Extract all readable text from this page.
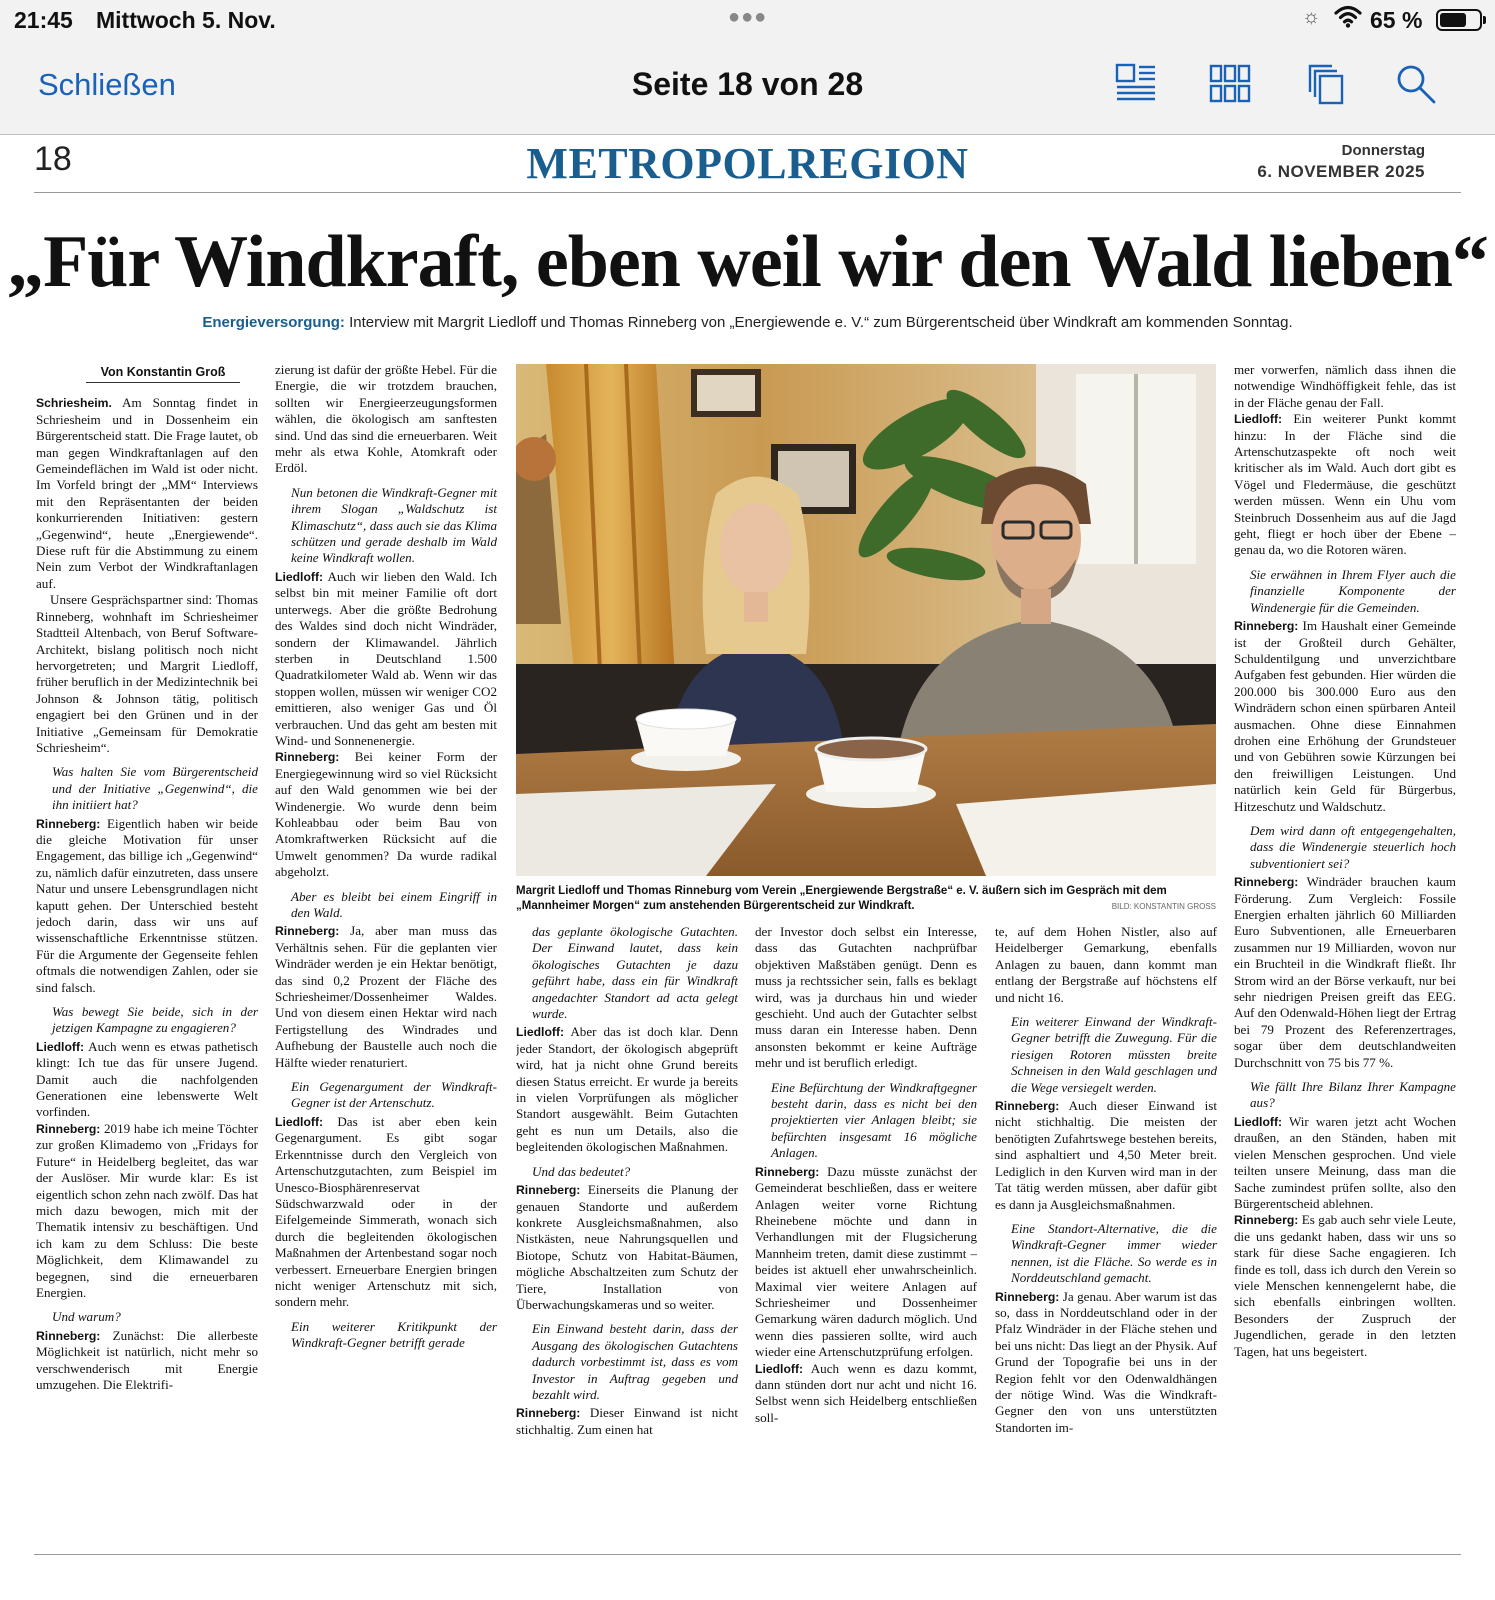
21:45 Mittwoch 5. Nov.	●●●	☼ 65 %
Schließen	Seite 18 von 28
18	METROPOLREGION	Donnerstag
6. NOVEMBER 2025
„Für Windkraft, eben weil wir den Wald lieben“
Energieversorgung: Interview mit Margrit Liedloff und Thomas Rinneberg von „Energiewende e. V.“ zum Bürgerentscheid über Windkraft am kommenden Sonntag.
Von Konstantin Groß

Schriesheim. Am Sonntag findet in Schriesheim und in Dossenheim ein Bürgerentscheid statt. Die Frage lautet, ob man gegen Windkraftanlagen auf den Gemeindeflächen im Wald ist oder nicht. Im Vorfeld bringt der „MM“ Interviews mit den Repräsentanten der beiden konkurrierenden Initiativen: gestern „Gegenwind“, heute „Energiewende“. Diese ruft für die Abstimmung zu einem Nein zum Verbot der Windkraftanlagen auf.

Unsere Gesprächspartner sind: Thomas Rinneberg, wohnhaft im Schriesheimer Stadtteil Altenbach, von Beruf Software-Architekt, bislang politisch noch nicht hervorgetreten; und Margrit Liedloff, früher beruflich in der Medizintechnik bei Johnson & Johnson tätig, politisch engagiert bei den Grünen und in der Initiative „Gemeinsam für Demokratie Schriesheim“.

Was halten Sie vom Bürgerentscheid und der Initiative „Gegenwind“, die ihn initiiert hat?

Rinneberg: Eigentlich haben wir beide die gleiche Motivation für unser Engagement, das billige ich „Gegenwind“ zu, nämlich dafür einzutreten, dass unsere Natur und unsere Lebensgrundlagen nicht kaputt gehen. Der Unterschied besteht jedoch darin, dass wir uns auf wissenschaftliche Erkenntnisse stützen. Für die Argumente der Gegenseite fehlen oftmals die notwendigen Zahlen, oder sie sind falsch.

Was bewegt Sie beide, sich in der jetzigen Kampagne zu engagieren?

Liedloff: Auch wenn es etwas pathetisch klingt: Ich tue das für unsere Jugend. Damit auch die nachfolgenden Generationen eine lebenswerte Welt vorfinden.

Rinneberg: 2019 habe ich meine Töchter zur großen Klimademo von „Fridays for Future“ in Heidelberg begleitet, das war der Auslöser. Mir wurde klar: Es ist eigentlich schon zehn nach zwölf. Das hat mich dazu bewogen, mich mit der Thematik intensiv zu beschäftigen. Und ich kam zu dem Schluss: Die beste Möglichkeit, dem Klimawandel zu begegnen, sind die erneuerbaren Energien.

Und warum?

Rinneberg: Zunächst: Die allerbeste Möglichkeit ist natürlich, nicht mehr so verschwenderisch mit Energie umzugehen. Die Elektrifi-

zierung ist dafür der größte Hebel. Für die Energie, die wir trotzdem brauchen, sollten wir Energieerzeugungsformen wählen, die ökologisch am sanftesten sind. Und das sind die erneuerbaren. Weit mehr als etwa Kohle, Atomkraft oder Erdöl.

Nun betonen die Windkraft-Gegner mit ihrem Slogan „Waldschutz ist Klimaschutz“, dass auch sie das Klima schützen und gerade deshalb im Wald keine Windkraft wollen.

Liedloff: Auch wir lieben den Wald. Ich selbst bin mit meiner Familie oft dort unterwegs. Aber die größte Bedrohung des Waldes sind doch nicht Windräder, sondern der Klimawandel. Jährlich sterben in Deutschland 1.500 Quadratkilometer Wald ab. Wenn wir das stoppen wollen, müssen wir weniger CO2 emittieren, also weniger Gas und Öl verbrauchen. Und das geht am besten mit Wind- und Sonnenenergie.

Rinneberg: Bei keiner Form der Energiegewinnung wird so viel Rücksicht auf den Wald genommen wie bei der Windenergie. Wo wurde denn beim Kohleabbau oder beim Bau von Atomkraftwerken Rücksicht auf die Umwelt genommen? Da wurde radikal abgeholzt.

Aber es bleibt bei einem Eingriff in den Wald.

Rinneberg: Ja, aber man muss das Verhältnis sehen. Für die geplanten vier Windräder werden je ein Hektar benötigt, das sind 0,2 Prozent der Fläche des Schriesheimer/Dossenheimer Waldes. Und von diesem einen Hektar wird nach Fertigstellung des Windrades und Aufhebung der Baustelle auch noch die Hälfte wieder renaturiert.

Ein Gegenargument der Windkraft-Gegner ist der Artenschutz.

Liedloff: Das ist aber eben kein Gegenargument. Es gibt sogar Erkenntnisse durch den Vergleich von Artenschutzgutachten, zum Beispiel im Unesco-Biosphärenreservat Südschwarzwald oder in der Eifelgemeinde Simmerath, wonach sich durch die begleitenden ökologischen Maßnahmen der Artenbestand sogar noch verbessert. Erneuerbare Energien bringen nicht weniger Artenschutz mit sich, sondern mehr.

Ein weiterer Kritikpunkt der Windkraft-Gegner betrifft gerade

Margrit Liedloff und Thomas Rinneburg vom Verein „Energiewende Bergstraße“ e. V. äußern sich im Gespräch mit dem „Mannheimer Morgen“ zum anstehenden Bürgerentscheid zur Windkraft.	BILD: KONSTANTIN GROSS

das geplante ökologische Gutachten. Der Einwand lautet, dass kein ökologisches Gutachten je dazu geführt habe, dass ein für Windkraft angedachter Standort ad acta gelegt wurde.

Liedloff: Aber das ist doch klar. Denn jeder Standort, der ökologisch abgeprüft wird, hat ja nicht ohne Grund bereits diesen Status erreicht. Er wurde ja bereits in vielen Vorprüfungen als möglicher Standort ausgewählt. Beim Gutachten geht es nun um Details, also die begleitenden ökologischen Maßnahmen.

Und das bedeutet?

Rinneberg: Einerseits die Planung der genauen Standorte und außerdem konkrete Ausgleichsmaßnahmen, also Nistkästen, neue Nahrungsquellen und Biotope, Schutz von Habitat-Bäumen, mögliche Abschaltzeiten zum Schutz der Tiere, Installation von Überwachungskameras und so weiter.

Ein Einwand besteht darin, dass der Ausgang des ökologischen Gutachtens dadurch vorbestimmt ist, dass es vom Investor in Auftrag gegeben und bezahlt wird.

Rinneberg: Dieser Einwand ist nicht stichhaltig. Zum einen hat

der Investor doch selbst ein Interesse, dass das Gutachten nachprüfbar objektiven Maßstäben genügt. Denn es muss ja rechtssicher sein, falls es beklagt wird, was ja durchaus hin und wieder geschieht. Und auch der Gutachter selbst muss daran ein Interesse haben. Denn ansonsten bekommt er keine Aufträge mehr und ist beruflich erledigt.

Eine Befürchtung der Windkraftgegner besteht darin, dass es nicht bei den projektierten vier Anlagen bleibt; sie befürchten insgesamt 16 mögliche Anlagen.

Rinneberg: Dazu müsste zunächst der Gemeinderat beschließen, dass er weitere Anlagen weiter vorne Richtung Rheinebene möchte und dann in Verhandlungen mit der Flugsicherung Mannheim treten, damit diese zustimmt – beides ist aktuell eher unwahrscheinlich. Maximal vier weitere Anlagen auf Schriesheimer und Dossenheimer Gemarkung wären dadurch möglich. Und wenn dies passieren sollte, wird auch wieder eine Artenschutzprüfung erfolgen.

Liedloff: Auch wenn es dazu kommt, dann stünden dort nur acht und nicht 16. Selbst wenn sich Heidelberg entschließen soll-

te, auf dem Hohen Nistler, also auf Heidelberger Gemarkung, ebenfalls Anlagen zu bauen, dann kommt man entlang der Bergstraße auf höchstens elf und nicht 16.

Ein weiterer Einwand der Windkraft-Gegner betrifft die Zuwegung. Für die riesigen Rotoren müssten breite Schneisen in den Wald geschlagen und die Wege versiegelt werden.

Rinneberg: Auch dieser Einwand ist nicht stichhaltig. Die meisten der benötigten Zufahrtswege bestehen bereits, sind asphaltiert und 4,50 Meter breit. Lediglich in den Kurven wird man in der Tat tätig werden müssen, aber dafür gibt es dann ja Ausgleichsmaßnahmen.

Eine Standort-Alternative, die die Windkraft-Gegner immer wieder nennen, ist die Fläche. So werde es in Norddeutschland gemacht.

Rinneberg: Ja genau. Aber warum ist das so, dass in Norddeutschland oder in der Pfalz Windräder in der Fläche stehen und bei uns nicht: Das liegt an der Physik. Auf Grund der Topografie bei uns in der Region fehlt vor den Odenwaldhängen der nötige Wind. Was die Windkraft-Gegner den von uns unterstützten Standorten im-

mer vorwerfen, nämlich dass ihnen die notwendige Windhöffigkeit fehle, das ist in der Fläche genau der Fall.

Liedloff: Ein weiterer Punkt kommt hinzu: In der Fläche sind die Artenschutzaspekte oft noch weit kritischer als im Wald. Auch dort gibt es Vögel und Fledermäuse, die geschützt werden müssen. Wenn ein Uhu vom Steinbruch Dossenheim aus auf die Jagd geht, fliegt er hoch über der Ebene – genau da, wo die Rotoren wären.

Sie erwähnen in Ihrem Flyer auch die finanzielle Komponente der Windenergie für die Gemeinden.

Rinneberg: Im Haushalt einer Gemeinde ist der Großteil durch Gehälter, Schuldentilgung und unverzichtbare Aufgaben fest gebunden. Hier würden die 200.000 bis 300.000 Euro aus den Windrädern schon einen spürbaren Anteil ausmachen. Ohne diese Einnahmen drohen eine Erhöhung der Grundsteuer und von Gebühren sowie Kürzungen bei den freiwilligen Leistungen. Und natürlich kein Geld für Bürgerbus, Hitzeschutz und Waldschutz.

Dem wird dann oft entgegengehalten, dass die Windenergie steuerlich hoch subventioniert sei?

Rinneberg: Windräder brauchen kaum Förderung. Zum Vergleich: Fossile Energien erhalten jährlich 60 Milliarden Euro Subventionen, alle Erneuerbaren zusammen nur 19 Milliarden, wovon nur ein Bruchteil in die Windkraft fließt. Ihr Strom wird an der Börse verkauft, nur bei sehr niedrigen Preisen greift das EEG. Auf den Odenwald-Höhen liegt der Ertrag bei 79 Prozent des Referenzertrages, sogar über dem deutschlandweiten Durchschnitt von 75 bis 77 %.

Wie fällt Ihre Bilanz Ihrer Kampagne aus?

Liedloff: Wir waren jetzt acht Wochen draußen, an den Ständen, haben mit vielen Menschen gesprochen. Und viele teilten unsere Meinung, dass man die Sache zumindest prüfen sollte, also den Bürgerentscheid ablehnen.

Rinneberg: Es gab auch sehr viele Leute, die uns gedankt haben, dass wir uns so stark für diese Sache engagieren. Ich finde es toll, dass ich durch den Verein so viele Menschen kennengelernt habe, die sich ebenfalls einbringen wollten. Besonders der Zuspruch der Jugendlichen, gerade in den letzten Tagen, hat uns begeistert.
